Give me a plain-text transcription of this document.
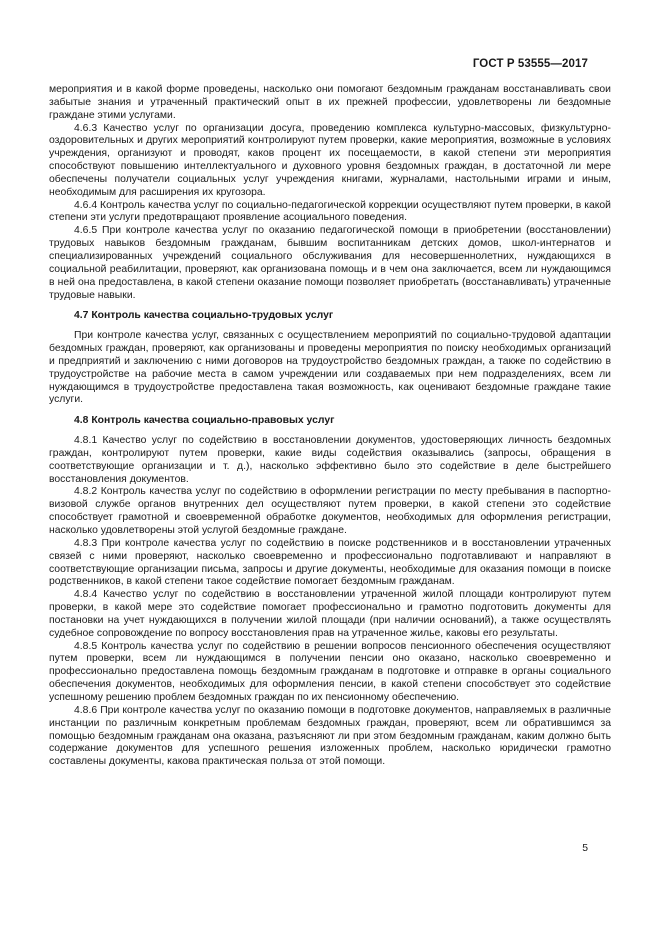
ГОСТ Р 53555—2017

мероприятия и в какой форме проведены, насколько они помогают бездомным гражданам восстанавливать свои забытые знания и утраченный практический опыт в их прежней профессии, удовлетворены ли бездомные граждане этими услугами.

4.6.3 Качество услуг по организации досуга, проведению комплекса культурно-массовых, физкультурно-оздоровительных и других мероприятий контролируют путем проверки, какие мероприятия, возможные в условиях учреждения, организуют и проводят, каков процент их посещаемости, в какой степени эти мероприятия способствуют повышению интеллектуального и духовного уровня бездомных граждан, в достаточной ли мере обеспечены получатели социальных услуг учреждения книгами, журналами, настольными играми и иным, необходимым для расширения их кругозора.

4.6.4 Контроль качества услуг по социально-педагогической коррекции осуществляют путем проверки, в какой степени эти услуги предотвращают проявление асоциального поведения.

4.6.5 При контроле качества услуг по оказанию педагогической помощи в приобретении (восстановлении) трудовых навыков бездомным гражданам, бывшим воспитанникам детских домов, школ-интернатов и специализированных учреждений социального обслуживания для несовершеннолетних, нуждающихся в социальной реабилитации, проверяют, как организована помощь и в чем она заключается, всем ли нуждающимся в ней она предоставлена, в какой степени оказание помощи позволяет приобретать (восстанавливать) утраченные трудовые навыки.

4.7 Контроль качества социально-трудовых услуг

При контроле качества услуг, связанных с осуществлением мероприятий по социально-трудовой адаптации бездомных граждан, проверяют, как организованы и проведены мероприятия по поиску необходимых организаций и предприятий и заключению с ними договоров на трудоустройство бездомных граждан, а также по содействию в трудоустройстве на рабочие места в самом учреждении или создаваемых при нем подразделениях, всем ли нуждающимся в трудоустройстве предоставлена такая возможность, как оценивают бездомные граждане такие услуги.

4.8 Контроль качества социально-правовых услуг

4.8.1 Качество услуг по содействию в восстановлении документов, удостоверяющих личность бездомных граждан, контролируют путем проверки, какие виды содействия оказывались (запросы, обращения в соответствующие организации и т. д.), насколько эффективно было это содействие в деле быстрейшего восстановления документов.

4.8.2 Контроль качества услуг по содействию в оформлении регистрации по месту пребывания в паспортно-визовой службе органов внутренних дел осуществляют путем проверки, в какой степени это содействие способствует грамотной и своевременной обработке документов, необходимых для оформления регистрации, насколько удовлетворены этой услугой бездомные граждане.

4.8.3 При контроле качества услуг по содействию в поиске родственников и в восстановлении утраченных связей с ними проверяют, насколько своевременно и профессионально подготавливают и направляют в соответствующие организации письма, запросы и другие документы, необходимые для оказания помощи в поиске родственников, в какой степени такое содействие помогает бездомным гражданам.

4.8.4 Качество услуг по содействию в восстановлении утраченной жилой площади контролируют путем проверки, в какой мере это содействие помогает профессионально и грамотно подготовить документы для постановки на учет нуждающихся в получении жилой площади (при наличии оснований), а также осуществлять судебное сопровождение по вопросу восстановления прав на утраченное жилье, каковы его результаты.

4.8.5 Контроль качества услуг по содействию в решении вопросов пенсионного обеспечения осуществляют путем проверки, всем ли нуждающимся в получении пенсии оно оказано, насколько своевременно и профессионально предоставлена помощь бездомным гражданам в подготовке и отправке в органы социального обеспечения документов, необходимых для оформления пенсии, в какой степени способствует это содействие успешному решению проблем бездомных граждан по их пенсионному обеспечению.

4.8.6 При контроле качества услуг по оказанию помощи в подготовке документов, направляемых в различные инстанции по различным конкретным проблемам бездомных граждан, проверяют, всем ли обратившимся за помощью бездомным гражданам она оказана, разъясняют ли при этом бездомным гражданам, каким должно быть содержание документов для успешного решения изложенных проблем, насколько юридически грамотно составлены документы, какова практическая польза от этой помощи.

5
